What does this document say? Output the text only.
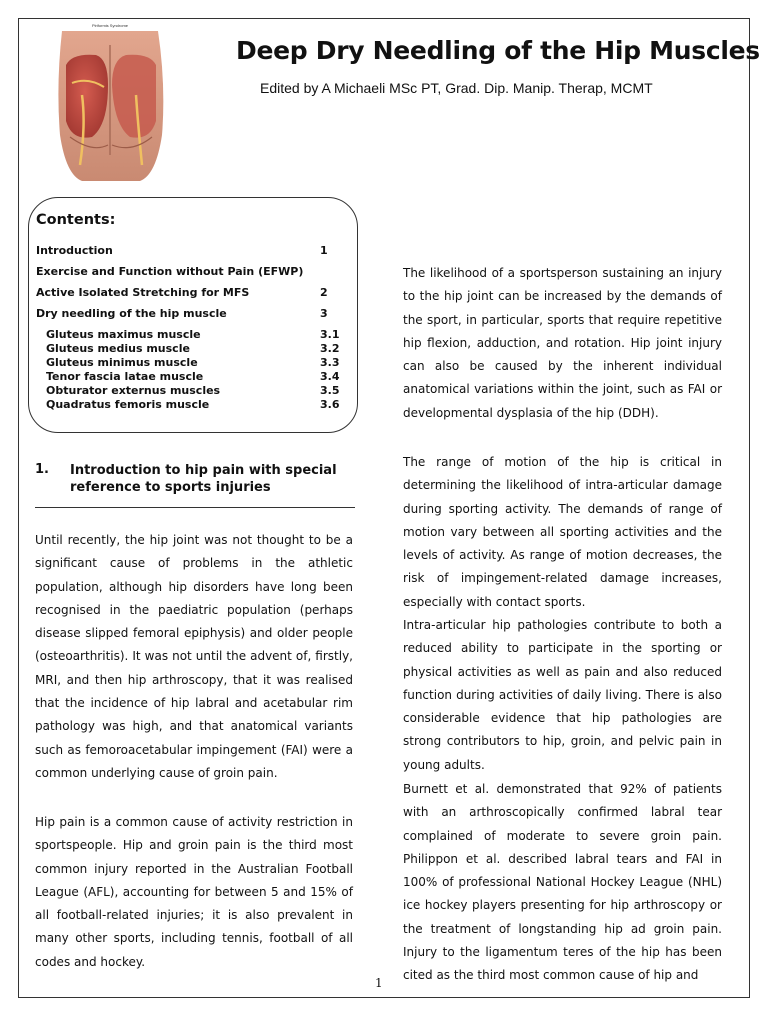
Piriformis Syndrome
Deep Dry Needling of the Hip Muscles
Edited by A Michaeli MSc PT, Grad. Dip. Manip. Therap, MCMT
Contents:
Introduction	1
Exercise and Function without Pain (EFWP)
Active Isolated Stretching for MFS	2
Dry needling of the hip muscle	3
Gluteus maximus muscle	3.1
Gluteus medius muscle	3.2
Gluteus minimus muscle	3.3
Tenor fascia latae muscle	3.4
Obturator externus muscles	3.5
Quadratus femoris muscle	3.6
1. Introduction to hip pain with special reference to sports injuries

Until recently, the hip joint was not thought to be a significant cause of problems in the athletic population, although hip disorders have long been recognised in the paediatric population (perhaps disease slipped femoral epiphysis) and older people (osteoarthritis). It was not until the advent of, firstly, MRI, and then hip arthroscopy, that it was realised that the incidence of hip labral and acetabular rim pathology was high, and that anatomical variants such as femoroacetabular impingement (FAI) were a common underlying cause of groin pain.

Hip pain is a common cause of activity restriction in sportspeople. Hip and groin pain is the third most common injury reported in the Australian Football League (AFL), accounting for between 5 and 15% of all football-related injuries; it is also prevalent in many other sports, including tennis, football of all codes and hockey.

The likelihood of a sportsperson sustaining an injury to the hip joint can be increased by the demands of the sport, in particular, sports that require repetitive hip flexion, adduction, and rotation. Hip joint injury can also be caused by the inherent individual anatomical variations within the joint, such as FAI or developmental dysplasia of the hip (DDH).

The range of motion of the hip is critical in determining the likelihood of intra-articular damage during sporting activity. The demands of range of motion vary between all sporting activities and the levels of activity. As range of motion decreases, the risk of impingement-related damage increases, especially with contact sports.

Intra-articular hip pathologies contribute to both a reduced ability to participate in the sporting or physical activities as well as pain and also reduced function during activities of daily living. There is also considerable evidence that hip pathologies are strong contributors to hip, groin, and pelvic pain in young adults.

Burnett et al. demonstrated that 92% of patients with an arthroscopically confirmed labral tear complained of moderate to severe groin pain. Philippon et al. described labral tears and FAI in 100% of professional National Hockey League (NHL) ice hockey players presenting for hip arthroscopy or the treatment of longstanding hip ad groin pain. Injury to the ligamentum teres of the hip has been cited as the third most common cause of hip and

1
